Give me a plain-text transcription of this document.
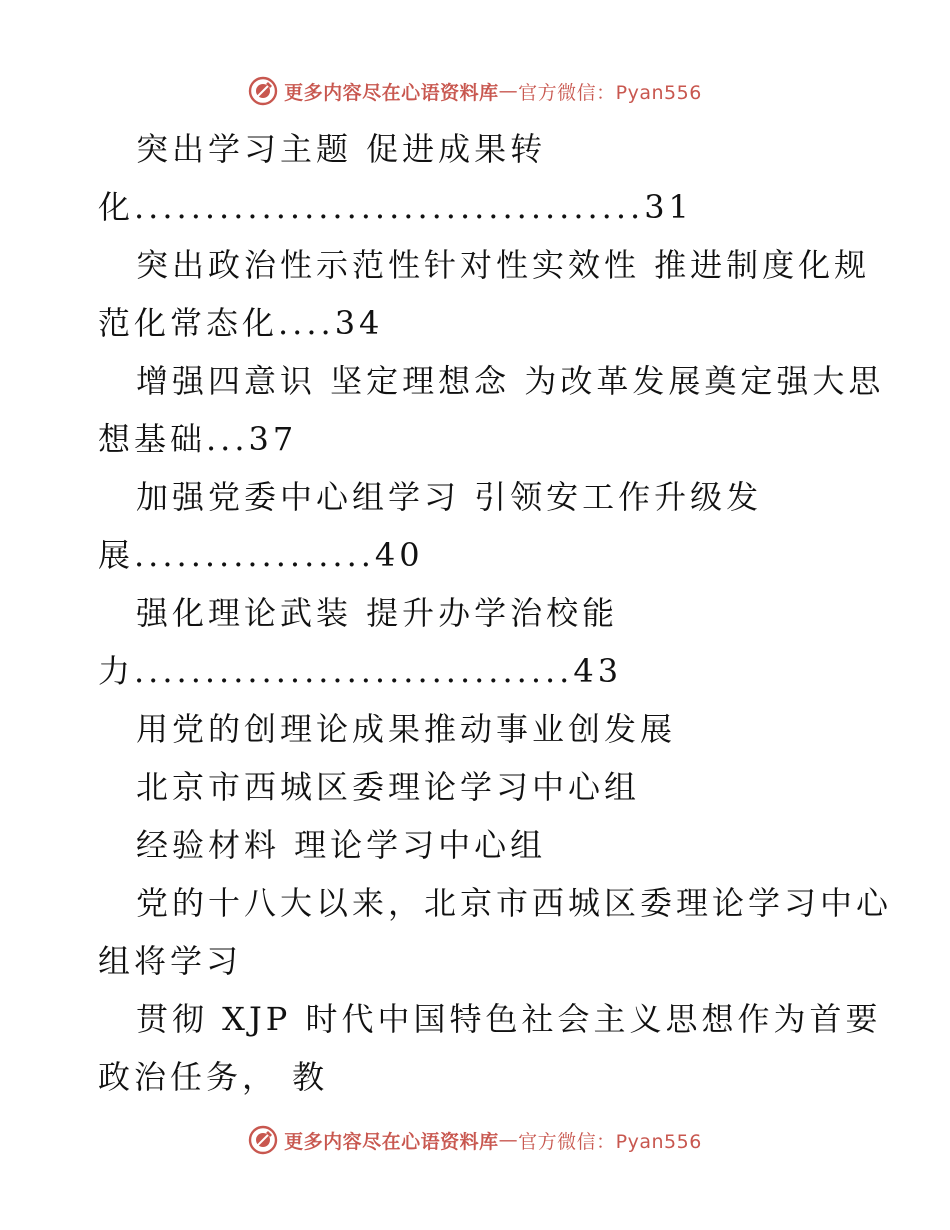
更多内容尽在心语资料库 — 官方微信：Pyan556
突出学习主题 促进成果转
化....................................31
突出政治性示范性针对性实效性 推进制度化规
范化常态化....34
增强四意识 坚定理想念 为改革发展奠定强大思
想基础...37
加强党委中心组学习 引领安工作升级发
展.................40
强化理论武装 提升办学治校能
力...............................43
用党的创理论成果推动事业创发展
北京市西城区委理论学习中心组
经验材料 理论学习中心组
党的十八大以来，北京市西城区委理论学习中心
组将学习
贯彻 XJP 时代中国特色社会主义思想作为首要
政治任务， 教
更多内容尽在心语资料库 — 官方微信：Pyan556
